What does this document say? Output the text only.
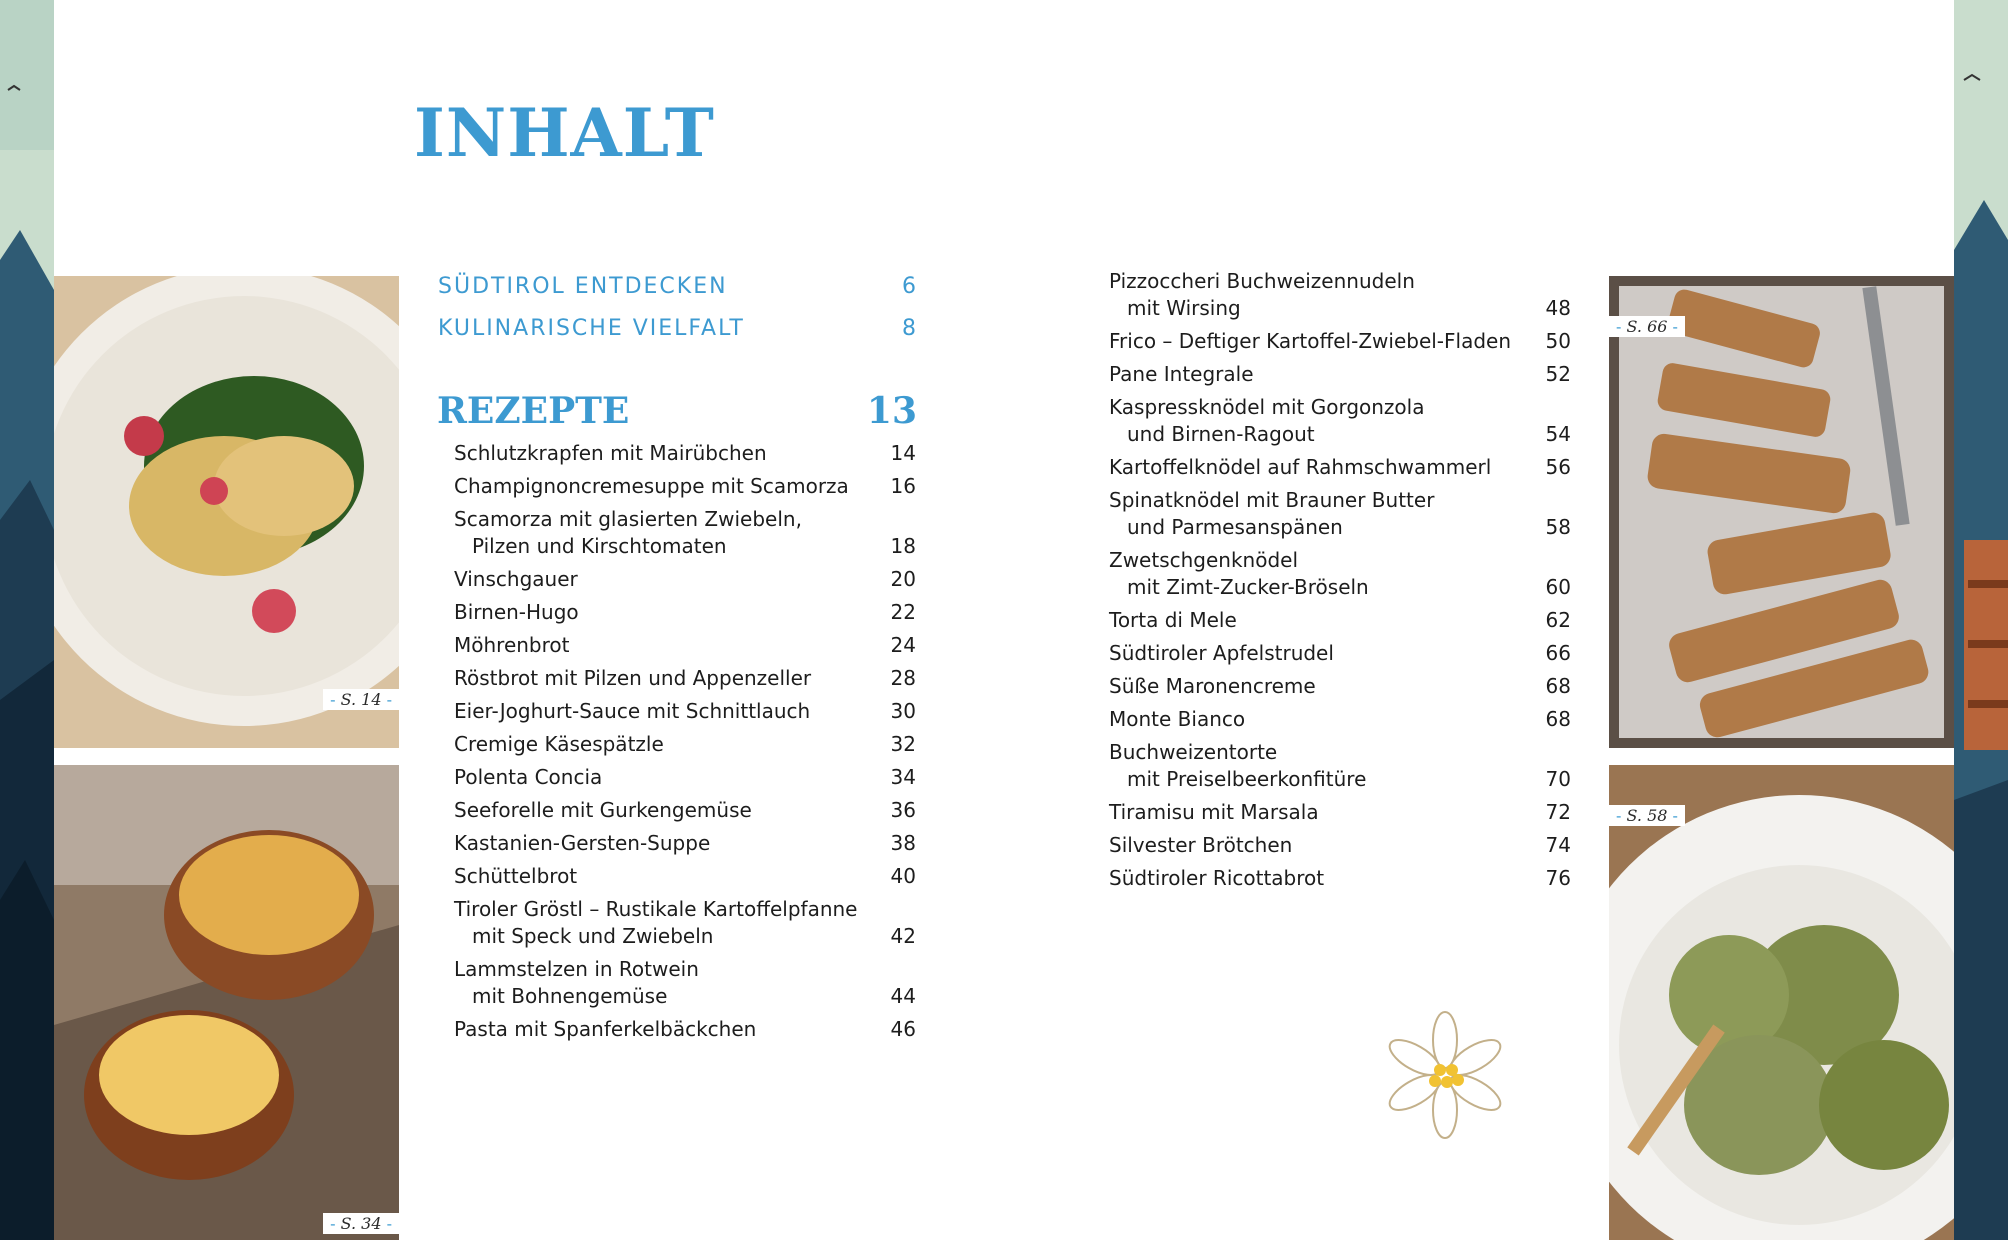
- S. 14 -
- S. 34 -
- S. 66 -
- S. 58 -
INHALT
SÜDTIROL ENTDECKEN	6
KULINARISCHE VIELFALT	8
REZEPTE	13
Schlutzkrapfen mit Mairübchen	14
Champignoncremesuppe mit Scamorza	16
Scamorza mit glasierten Zwiebeln,
Pilzen und Kirschtomaten	18
Vinschgauer	20
Birnen-Hugo	22
Möhrenbrot	24
Röstbrot mit Pilzen und Appenzeller	28
Eier-Joghurt-Sauce mit Schnittlauch	30
Cremige Käsespätzle	32
Polenta Concia	34
Seeforelle mit Gurkengemüse	36
Kastanien-Gersten-Suppe	38
Schüttelbrot	40
Tiroler Gröstl – Rustikale Kartoffelpfanne
mit Speck und Zwiebeln	42
Lammstelzen in Rotwein
mit Bohnengemüse	44
Pasta mit Spanferkelbäckchen	46
Pizzoccheri Buchweizennudeln
mit Wirsing	48
Frico – Deftiger Kartoffel-Zwiebel-Fladen	50
Pane Integrale	52
Kaspressknödel mit Gorgonzola
und Birnen-Ragout	54
Kartoffelknödel auf Rahmschwammerl	56
Spinatknödel mit Brauner Butter
und Parmesanspänen	58
Zwetschgenknödel
mit Zimt-Zucker-Bröseln	60
Torta di Mele	62
Südtiroler Apfelstrudel	66
Süße Maronencreme	68
Monte Bianco	68
Buchweizentorte
mit Preiselbeerkonfitüre	70
Tiramisu mit Marsala	72
Silvester Brötchen	74
Südtiroler Ricottabrot	76
